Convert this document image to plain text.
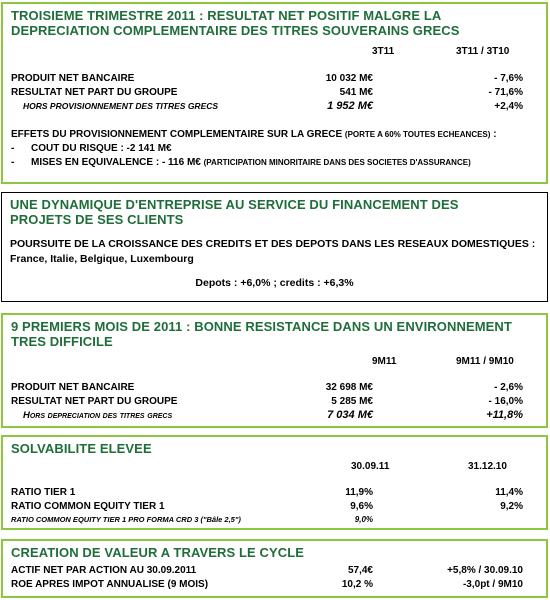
TROISIEME TRIMESTRE 2011 : RESULTAT NET POSITIF MALGRE LA
DEPRECIATION COMPLEMENTAIRE DES TITRES SOUVERAINS GRECS
3T11	3T11 / 3T10
PRODUIT NET BANCAIRE	10 032 M€	- 7,6%
RESULTAT NET PART DU GROUPE	541 M€	- 71,6%
HORS PROVISIONNEMENT DES TITRES GRECS	1 952 M€	+2,4%
EFFETS DU PROVISIONNEMENT COMPLEMENTAIRE SUR LA GRECE (PORTE A 60% TOUTES ECHEANCES) :
- COUT DU RISQUE : -2 141 M€
- MISES EN EQUIVALENCE : - 116 M€ (PARTICIPATION MINORITAIRE DANS DES SOCIETES D'ASSURANCE)
UNE DYNAMIQUE D'ENTREPRISE AU SERVICE DU FINANCEMENT DES
PROJETS DE SES CLIENTS
POURSUITE DE LA CROISSANCE DES CREDITS ET DES DEPOTS DANS LES RESEAUX DOMESTIQUES :
France, Italie, Belgique, Luxembourg
Depots : +6,0% ; credits : +6,3%
9 PREMIERS MOIS DE 2011 : BONNE RESISTANCE DANS UN ENVIRONNEMENT
TRES DIFFICILE
9M11	9M11 / 9M10
PRODUIT NET BANCAIRE	32 698 M€	- 2,6%
RESULTAT NET PART DU GROUPE	5 285 M€	- 16,0%
Hors depreciation des titres grecs	7 034 M€	+11,8%
SOLVABILITE ELEVEE
30.09.11	31.12.10
RATIO TIER 1	11,9%	11,4%
RATIO COMMON EQUITY TIER 1	9,6%	9,2%
RATIO COMMON EQUITY TIER 1 PRO FORMA CRD 3 ("Bâle 2,5")	9,0%
CREATION DE VALEUR A TRAVERS LE CYCLE
ACTIF NET PAR ACTION AU 30.09.2011	57,4€	+5,8% / 30.09.10
ROE APRES IMPOT ANNUALISE (9 MOIS)	10,2 %	-3,0pt / 9M10
